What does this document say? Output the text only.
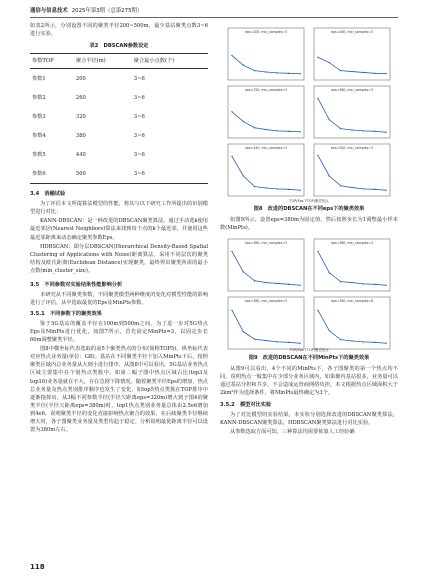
通信与信息技术 2025年第3期（总第275期）

如表2所示，分别设置不同的聚类半径200~500m，最少基站聚类点数3~6进行实验。

表2　DBSCAN参数设定
参数TOP	聚合半径(m)	聚合最小点数(个)
参数1	200	3~6
参数2	260	3~6
参数3	320	3~6
参数4	380	3~6
参数5	440	3~6
参数6	500	3~6
3.4　消融试验

为了评估本文所提算法模型的性能，将其与以下研究工作所提出的识别模型进行对比：

KANN-DBSCAN：是一种改进的DBSCAN聚类算法，通过手动选k使用最近邻居(Nearest Neighbors)算法来找到每个点的k个最近邻，并使用这些最近邻距离来动态确定聚类参数Eps。

HDBSCAN：即分层DBSCAN(Hierarchical Density-Based Spatial Clustering of Applications with Noise)距离算法，采用不同层次的聚类结构及欧氏距离(Euclidean Distance)实现聚类，最终得出聚类所需的最小点数(min_cluster_size)。

3.5　不同参数对实验结果性能影响分析

本研究从不同聚类参数，不同聚类模型两种维度的变化对模型性能的影响进行了评估。从中选取最优的Eps及MinPts参数。

3.5.1　不同参数下的聚类效果

鉴于5G基站的覆盖半径在100m到500m之间。为了进一步对5G热点Eps及MinPts进行优化，如图7所示，首先固定MinPts=3，以固定步长60m调整聚类半径。

图8中横坐标代表选取的前5个聚类热点的分布(简称TOP5)，纵坐标代表对应热点业务量(单位：GB)。基站在不同聚类半径下加入MinPts下后，按照聚类区域内总业务量从大到小进行排序，从图8中可以看出，5G基站业务热点区域主要集中在个别热点类簇中，如第二幅子图中热点区域占比(top3及top16)业务量就在不大，存在急剧下降情况。随着聚类半径Eps的增加，热点总业务量及热点类别排序顺序也发生了变化，如top5热点类簇在TOP排序中逐渐拖掉出。从3幅不同参数半径(半径欠距离eps=320m)增大到子图4的聚类半径(半径欠距离eps=380m)时，top1热点类别业务量总体由2.5e6增加到4e6，说明聚类半径的变化直接影响热点聚合的效果，在后续聚类半径继续增大时，各子图聚类业务量及类型均趋于稳定。分析说明最优距离半径可以设置为380m左右。

eps=200, min_samples=3	eps=260, min_samples=3
eps=320, min_samples=3	eps=380, min_samples=3
eps=440, min_samples=3	eps=500, min_samples=3
TOP(Eps下TOP)聚类热点
图8　改进的DBSCAN在不同eps下的聚类效果

如图9所示，设置eps=380m为固定值，然后按照步长为1调整最小样本数(MinPts)。

eps=380, min_samples=3	eps=380, min_samples=4
eps=380, min_samples=5	eps=380, min_samples=6
TOP(Eps下TOP)聚类热点
图9　改进的DBSCAN在不同MinPts下的聚类效果

从图9可以看出，4个不同的MinPts下，各子图聚类的第一个热点均不同，说明热点一般集中在少部分业务区域内，如果聚内基站很多，业务量可以通过基站分担和共享，不会造成运营商网络负担。本文根据热点区域面积大于2km²作为选择条件，将MinPts最终确定为3个。

3.5.2　模型对比实验

为了对比模型的实验结果，本实验分别选择改进的DBSCAN聚类算法，KANN-DBSCAN聚类算法，HDBSCAN聚类算法进行对比实验。

从参数选取方面可知，三种算法均需要依靠人工经验确

118
